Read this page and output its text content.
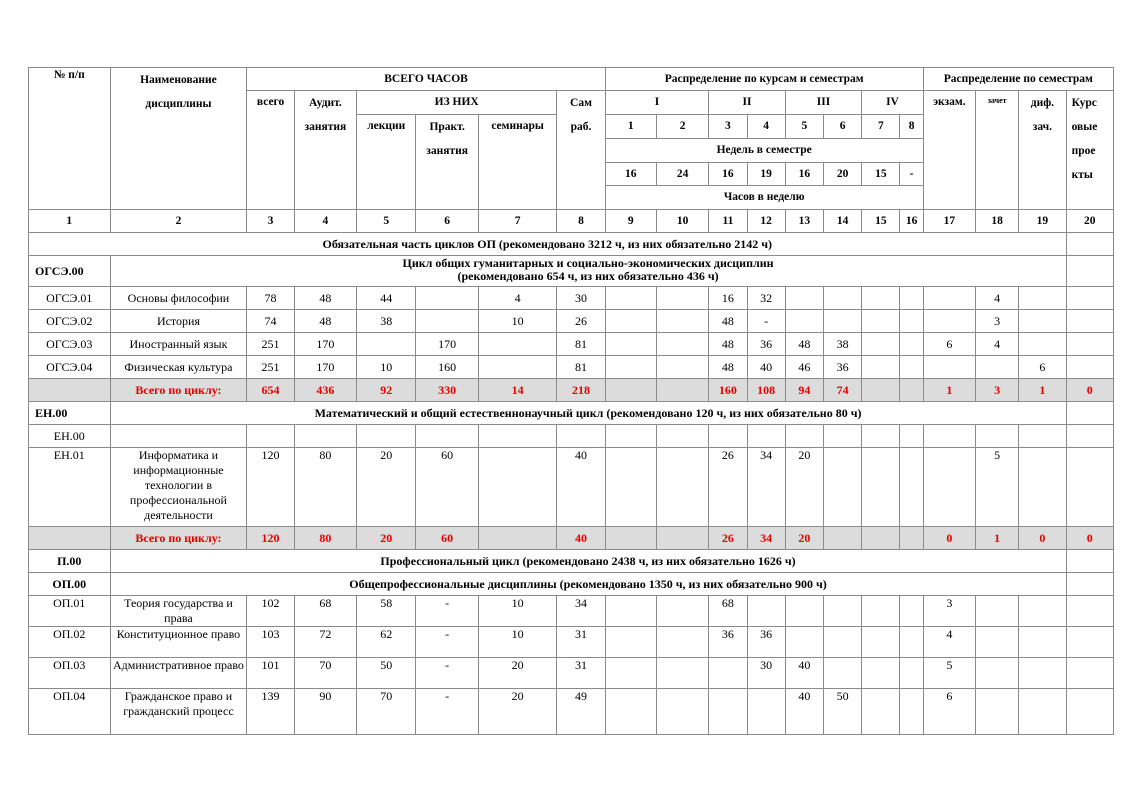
№ п/п	Наименование дисциплины	ВСЕГО ЧАСОВ						Распределение по курсам и семестрам								Распределение по семестрам			
		всего	Аудит. занятия	ИЗ НИХ			Сам раб.	I		II		III		IV		экзам.	зачет	диф. зач.	Курс овые прое кты
				лекции	Практ. занятия	семинары		1	2	3	4	5	6	7	8				
								Недель в семестре											
								16	24	16	19	16	20	15	-				
								Часов в неделю											
1	2	3	4	5	6	7	8	9	10	11	12	13	14	15	16	17	18	19	20
Обязательная часть циклов ОП (рекомендовано 3212 ч, из них обязательно 2142 ч)																			
ОГСЭ.00	Цикл общих гуманитарных и социально-экономических дисциплин
(рекомендовано 654 ч, из них обязательно 436 ч)																		

ОГСЭ.01	Основы философии	78	48	44		4	30			16	32						4		
ОГСЭ.02	История	74	48	38		10	26			48	-						3		
ОГСЭ.03	Иностранный язык	251	170		170		81			48	36	48	38			6	4		
ОГСЭ.04	Физическая культура	251	170	10	160		81			48	40	46	36					6	
	Всего по циклу:	654	436	92	330	14	218			160	108	94	74			1	3	1	0
ЕН.00	Математический и общий естественнонаучный цикл (рекомендовано 120 ч, из них обязательно 80 ч)																		
ЕН.00																			
ЕН.01	Информатика и информационные технологии в профессиональной деятельности	120	80	20	60		40			26	34	20					5		
	Всего по циклу:	120	80	20	60		40			26	34	20				0	1	0	0
П.00	Профессиональный цикл (рекомендовано 2438 ч, из них обязательно 1626 ч)																		
ОП.00	Общепрофессиональные дисциплины (рекомендовано 1350 ч, из них обязательно 900 ч)																		
ОП.01	Теория государства и права	102	68	58	-	10	34			68						3			
ОП.02	Конституционное право	103	72	62	-	10	31			36	36					4			
ОП.03	Административное право	101	70	50	-	20	31				30	40				5			
ОП.04	Гражданское право и гражданский процесс	139	90	70	-	20	49					40	50			6			
